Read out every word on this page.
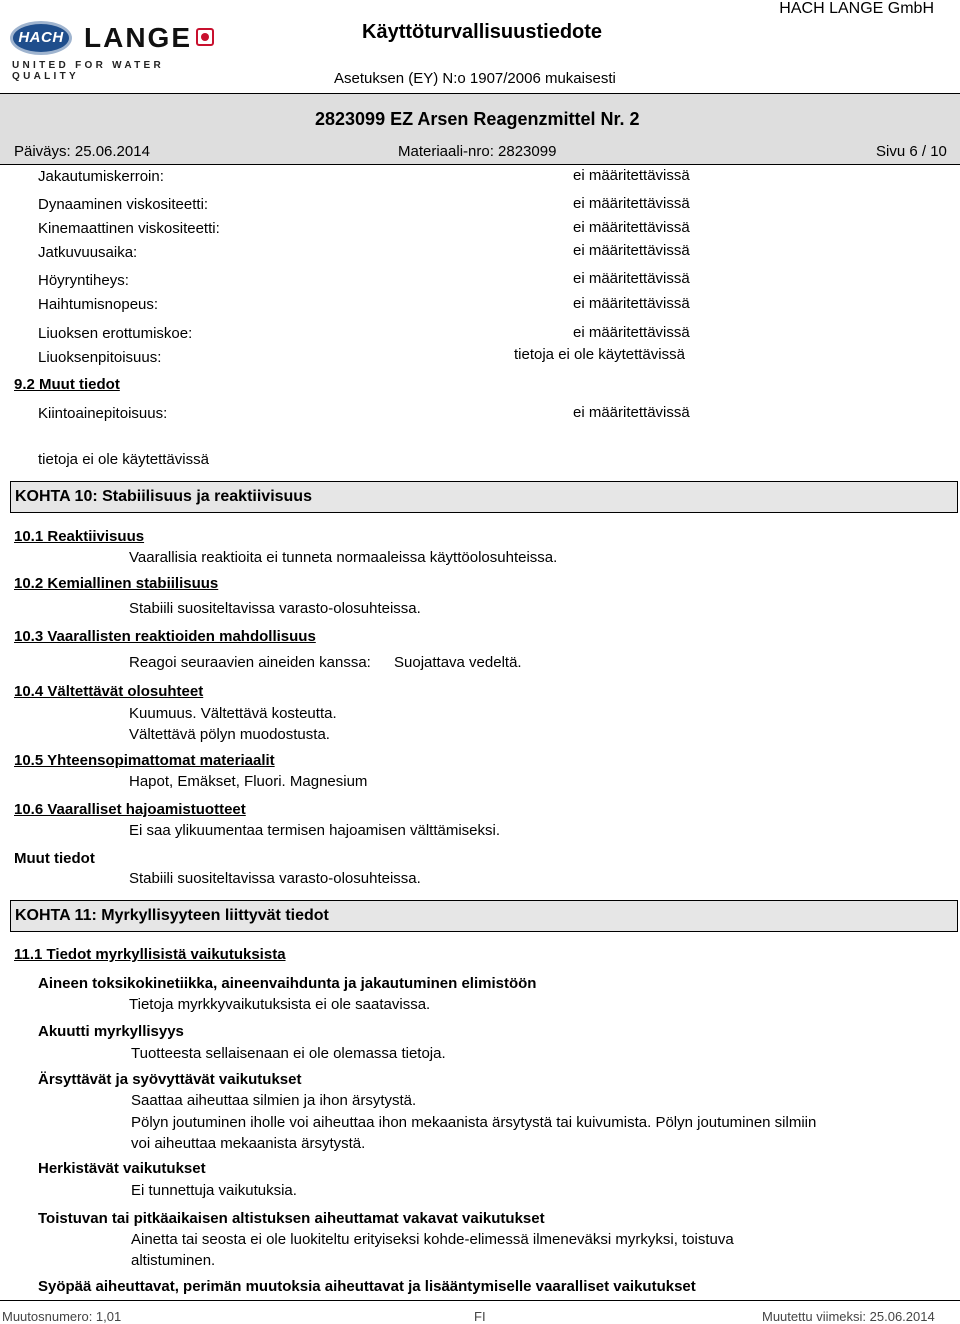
HACH LANGE
UNITED FOR WATER QUALITY
Käyttöturvallisuustiedote
HACH LANGE GmbH
Asetuksen (EY) N:o 1907/2006 mukaisesti
2823099 EZ Arsen Reagenzmittel Nr. 2
Päiväys: 25.06.2014	Materiaali-nro: 2823099	Sivu 6 / 10
Jakautumiskerroin:	ei määritettävissä
Dynaaminen viskositeetti:	ei määritettävissä
Kinemaattinen viskositeetti:	ei määritettävissä
Jatkuvuusaika:	ei määritettävissä
Höyryntiheys:	ei määritettävissä
Haihtumisnopeus:	ei määritettävissä
Liuoksen erottumiskoe:	ei määritettävissä
Liuoksenpitoisuus:	tietoja ei ole käytettävissä
9.2 Muut tiedot
Kiintoainepitoisuus:	ei määritettävissä
tietoja ei ole käytettävissä
KOHTA 10: Stabiilisuus ja reaktiivisuus
10.1 Reaktiivisuus
Vaarallisia reaktioita ei tunneta normaaleissa käyttöolosuhteissa.
10.2 Kemiallinen stabiilisuus
Stabiili suositeltavissa varasto-olosuhteissa.
10.3 Vaarallisten reaktioiden mahdollisuus
Reagoi seuraavien aineiden kanssa: Suojattava vedeltä.
10.4 Vältettävät olosuhteet
Kuumuus. Vältettävä kosteutta.
Vältettävä pölyn muodostusta.
10.5 Yhteensopimattomat materiaalit
Hapot, Emäkset, Fluori. Magnesium
10.6 Vaaralliset hajoamistuotteet
Ei saa ylikuumentaa termisen hajoamisen välttämiseksi.
Muut tiedot
Stabiili suositeltavissa varasto-olosuhteissa.
KOHTA 11: Myrkyllisyyteen liittyvät tiedot
11.1 Tiedot myrkyllisistä vaikutuksista
Aineen toksikokinetiikka, aineenvaihdunta ja jakautuminen elimistöön
Tietoja myrkkyvaikutuksista ei ole saatavissa.
Akuutti myrkyllisyys
Tuotteesta sellaisenaan ei ole olemassa tietoja.
Ärsyttävät ja syövyttävät vaikutukset
Saattaa aiheuttaa silmien ja ihon ärsytystä.
Pölyn joutuminen iholle voi aiheuttaa ihon mekaanista ärsytystä tai kuivumista. Pölyn joutuminen silmiin
voi aiheuttaa mekaanista ärsytystä.
Herkistävät vaikutukset
Ei tunnettuja vaikutuksia.
Toistuvan tai pitkäaikaisen altistuksen aiheuttamat vakavat vaikutukset
Ainetta tai seosta ei ole luokiteltu erityiseksi kohde-elimessä ilmeneväksi myrkyksi, toistuva
altistuminen.
Syöpää aiheuttavat, perimän muutoksia aiheuttavat ja lisääntymiselle vaaralliset vaikutukset
Muutosnumero: 1,01	FI	Muutettu viimeksi: 25.06.2014
